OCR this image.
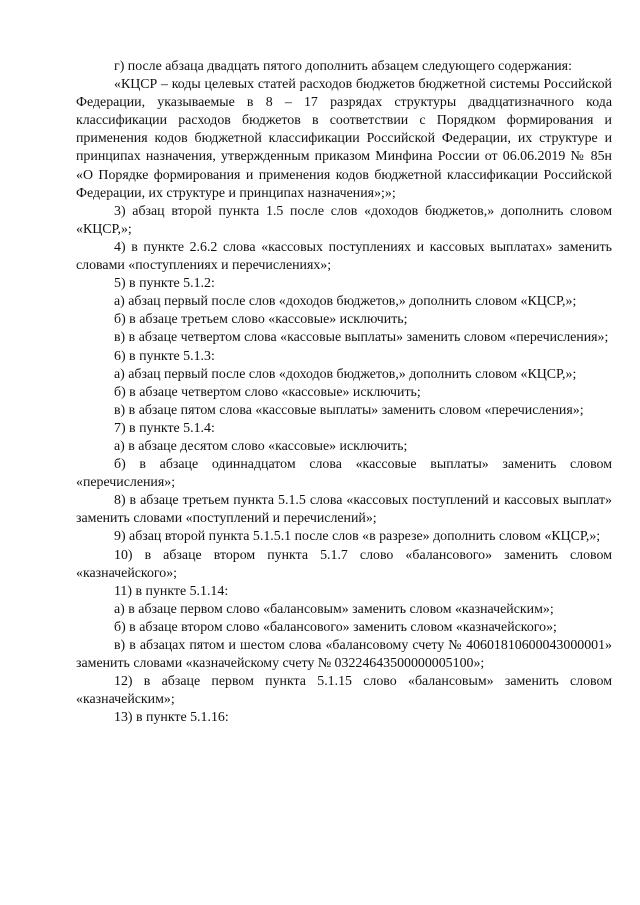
г) после абзаца двадцать пятого дополнить абзацем следующего содержания:

«КЦСР – коды целевых статей расходов бюджетов бюджетной системы Российской Федерации, указываемые в 8 – 17 разрядах структуры двадцатизначного кода классификации расходов бюджетов в соответствии с Порядком формирования и применения кодов бюджетной классификации Российской Федерации, их структуре и принципах назначения, утвержденным приказом Минфина России от 06.06.2019 № 85н «О Порядке формирования и применения кодов бюджетной классификации Российской Федерации, их структуре и принципах назначения»;»;

3) абзац второй пункта 1.5 после слов «доходов бюджетов,» дополнить словом «КЦСР,»;

4) в пункте 2.6.2 слова «кассовых поступлениях и кассовых выплатах» заменить словами «поступлениях и перечислениях»;

5) в пункте 5.1.2:

а) абзац первый после слов «доходов бюджетов,» дополнить словом «КЦСР,»;

б) в абзаце третьем слово «кассовые» исключить;

в) в абзаце четвертом слова «кассовые выплаты» заменить словом «перечисления»;

6) в пункте 5.1.3:

а) абзац первый после слов «доходов бюджетов,» дополнить словом «КЦСР,»;

б) в абзаце четвертом слово «кассовые» исключить;

в) в абзаце пятом слова «кассовые выплаты» заменить словом «перечисления»;

7) в пункте 5.1.4:

а) в абзаце десятом слово «кассовые» исключить;

б) в абзаце одиннадцатом слова «кассовые выплаты» заменить словом «перечисления»;

8) в абзаце третьем пункта 5.1.5 слова «кассовых поступлений и кассовых выплат» заменить словами «поступлений и перечислений»;

9) абзац второй пункта 5.1.5.1 после слов «в разрезе» дополнить словом «КЦСР,»;

10) в абзаце втором пункта 5.1.7 слово «балансового» заменить словом «казначейского»;

11) в пункте 5.1.14:

а) в абзаце первом слово «балансовым» заменить словом «казначейским»;

б) в абзаце втором слово «балансового» заменить словом «казначейского»;

в) в абзацах пятом и шестом слова «балансовому счету № 40601810600043000001» заменить словами «казначейскому счету № 03224643500000005100»;

12) в абзаце первом пункта 5.1.15 слово «балансовым» заменить словом «казначейским»;

13) в пункте 5.1.16:
